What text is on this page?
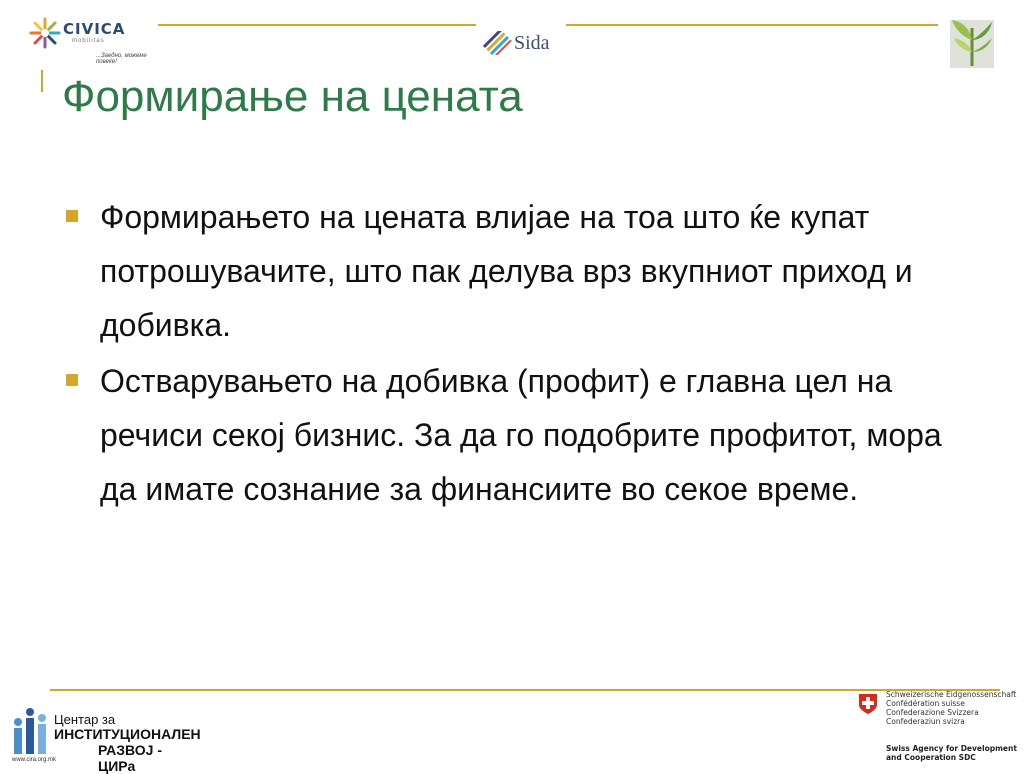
CIVICA
mobilitas
...Заедно, можеме повеќе!
Sida
Формирање на цената
Формирањето на цената влијае на тоа што ќе купат потрошувачите, што пак делува врз вкупниот приход и добивка.
Остварувањето на добивка (профит) е главна цел на речиси секој бизнис. За да го подобрите профитот, мора да имате сознание за финансиите во секое време.
Центар за
ИНСТИТУЦИОНАЛЕН
РАЗВОЈ - ЦИРа
www.cira.org.mk
Schweizerische Eidgenossenschaft
Confédération suisse
Confederazione Svizzera
Confederaziun svizra
Swiss Agency for Development
and Cooperation SDC
